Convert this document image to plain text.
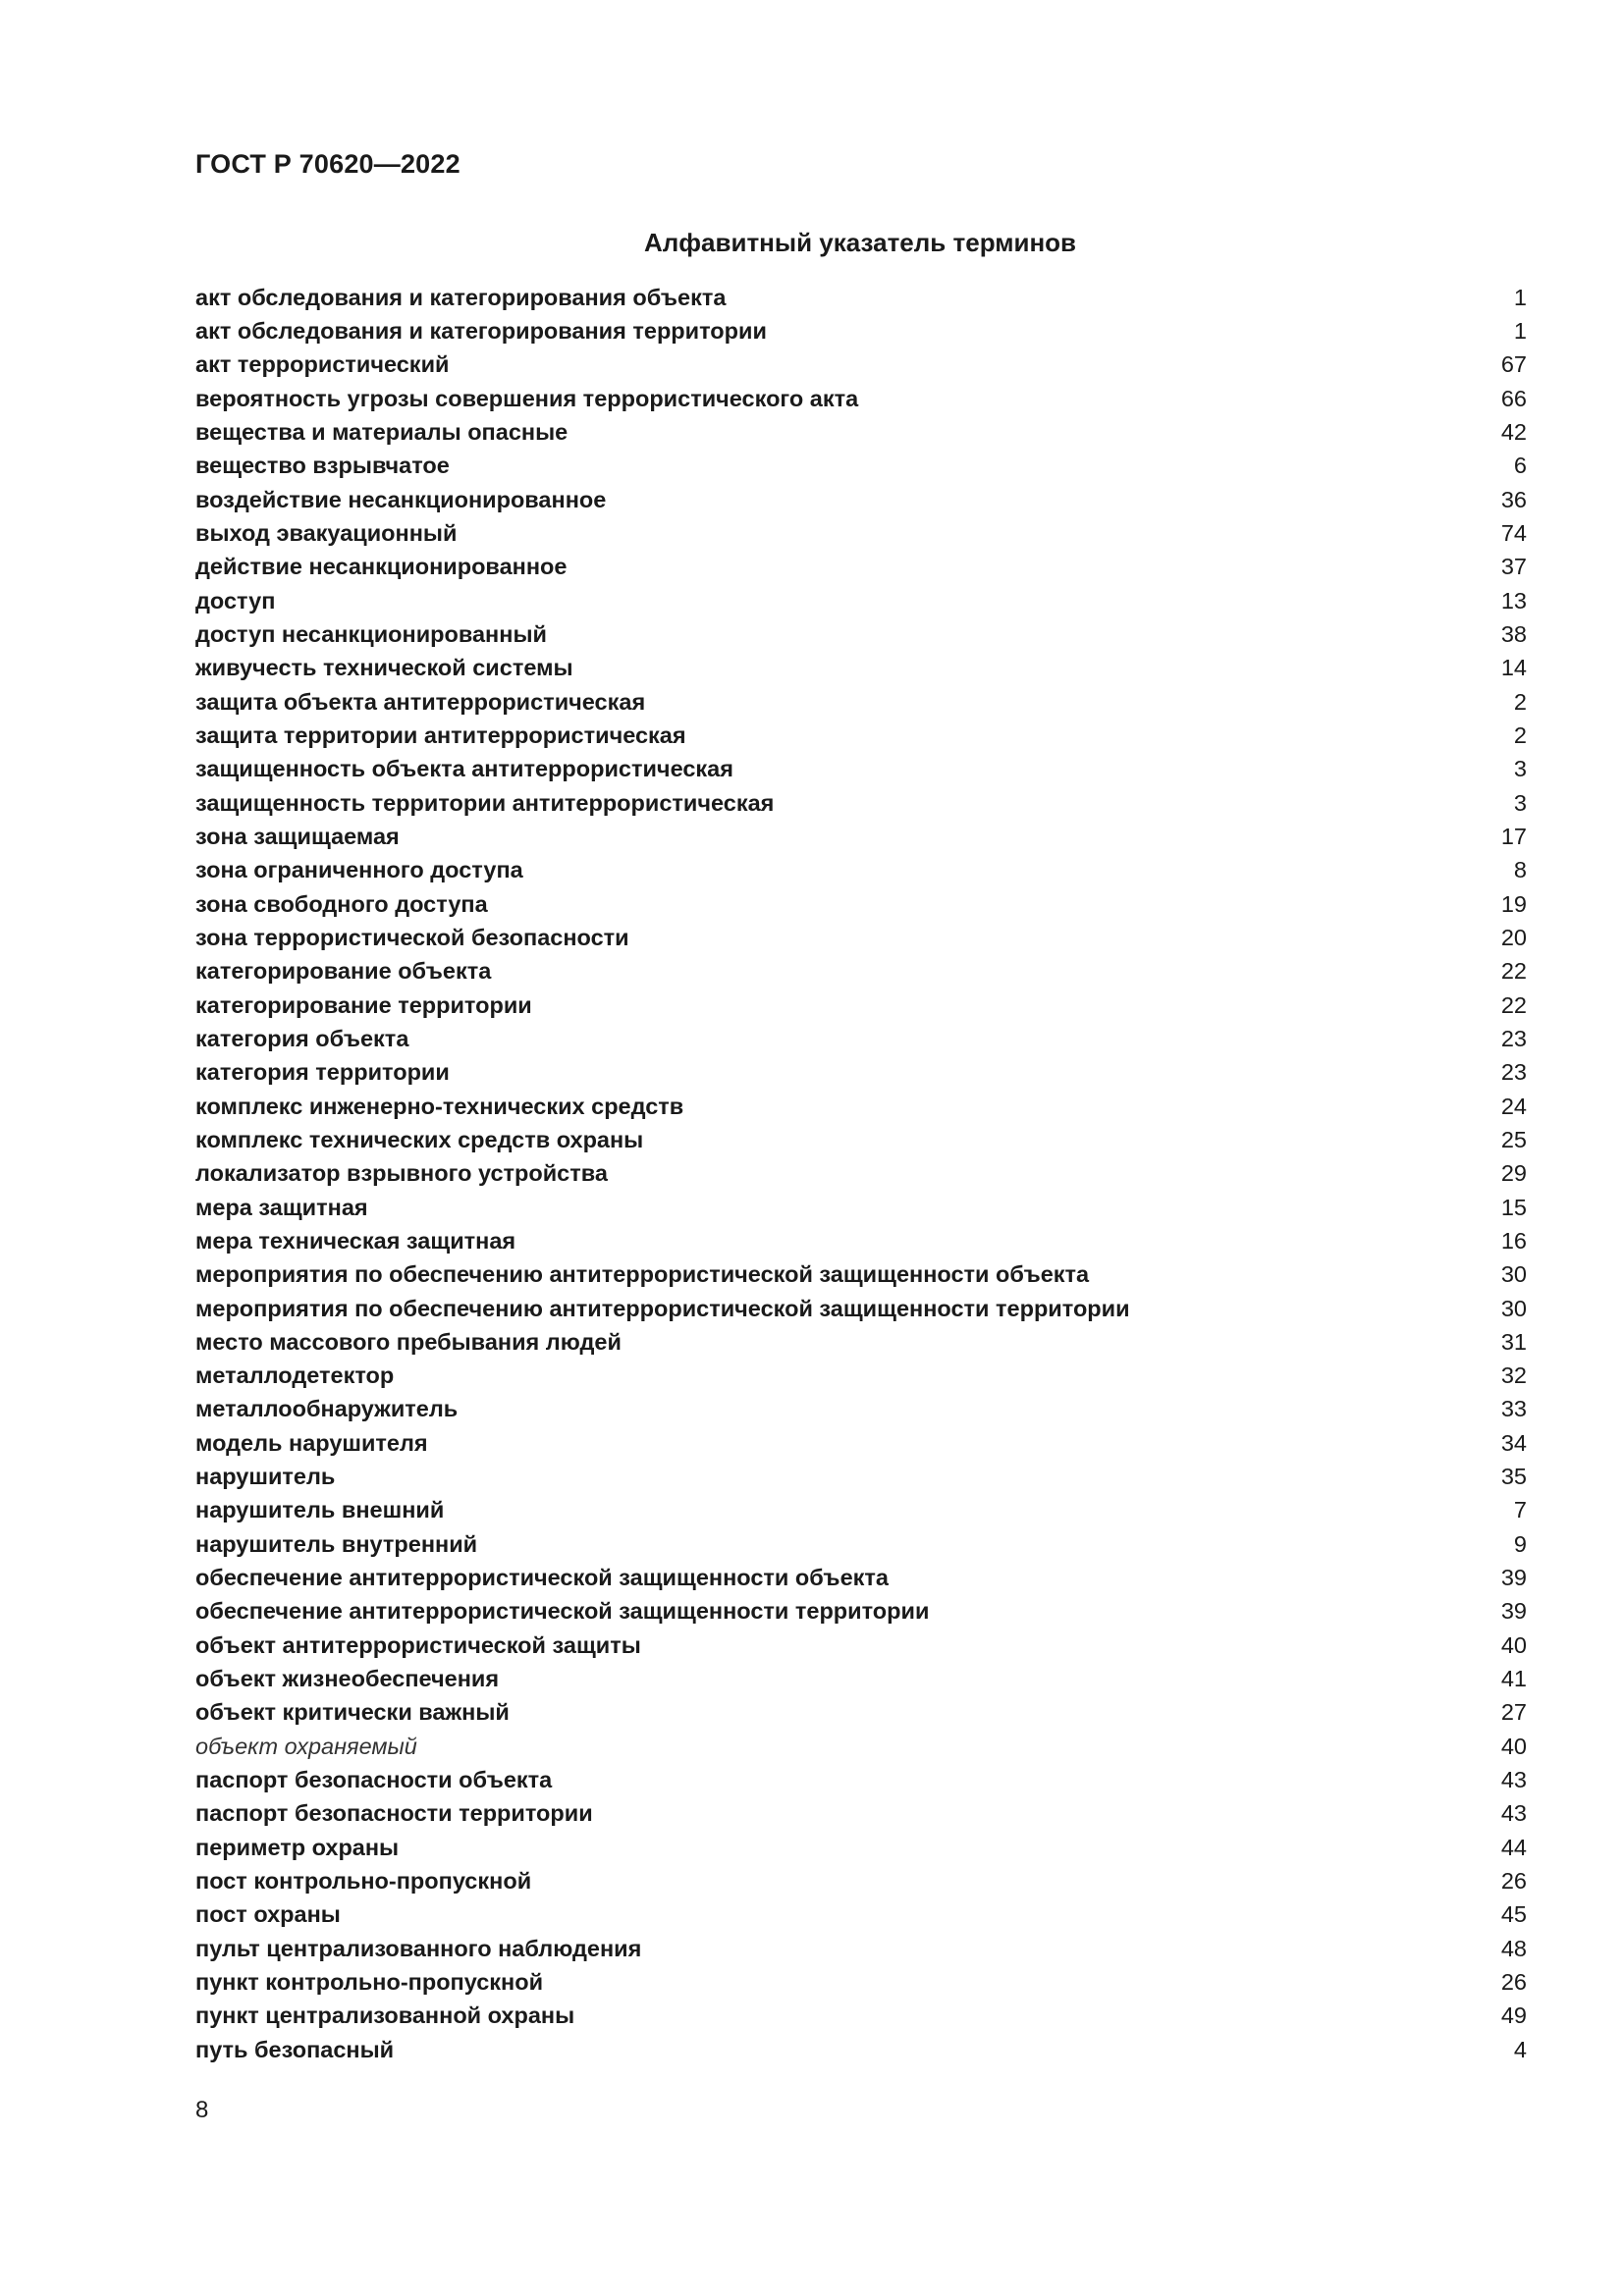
ГОСТ Р 70620—2022
Алфавитный указатель терминов
акт обследования и категорирования объекта	1
акт обследования и категорирования территории	1
акт террористический	67
вероятность угрозы совершения террористического акта	66
вещества и материалы опасные	42
вещество взрывчатое	6
воздействие несанкционированное	36
выход эвакуационный	74
действие несанкционированное	37
доступ	13
доступ несанкционированный	38
живучесть технической системы	14
защита объекта антитеррористическая	2
защита территории антитеррористическая	2
защищенность объекта антитеррористическая	3
защищенность территории антитеррористическая	3
зона защищаемая	17
зона ограниченного доступа	8
зона свободного доступа	19
зона террористической безопасности	20
категорирование объекта	22
категорирование территории	22
категория объекта	23
категория территории	23
комплекс инженерно-технических средств	24
комплекс технических средств охраны	25
локализатор взрывного устройства	29
мера защитная	15
мера техническая защитная	16
мероприятия по обеспечению антитеррористической защищенности объекта	30
мероприятия по обеспечению антитеррористической защищенности территории	30
место массового пребывания людей	31
металлодетектор	32
металлообнаружитель	33
модель нарушителя	34
нарушитель	35
нарушитель внешний	7
нарушитель внутренний	9
обеспечение антитеррористической защищенности объекта	39
обеспечение антитеррористической защищенности территории	39
объект антитеррористической защиты	40
объект жизнеобеспечения	41
объект критически важный	27
объект охраняемый	40
паспорт безопасности объекта	43
паспорт безопасности территории	43
периметр охраны	44
пост контрольно-пропускной	26
пост охраны	45
пульт централизованного наблюдения	48
пункт контрольно-пропускной	26
пункт централизованной охраны	49
путь безопасный	4
8
